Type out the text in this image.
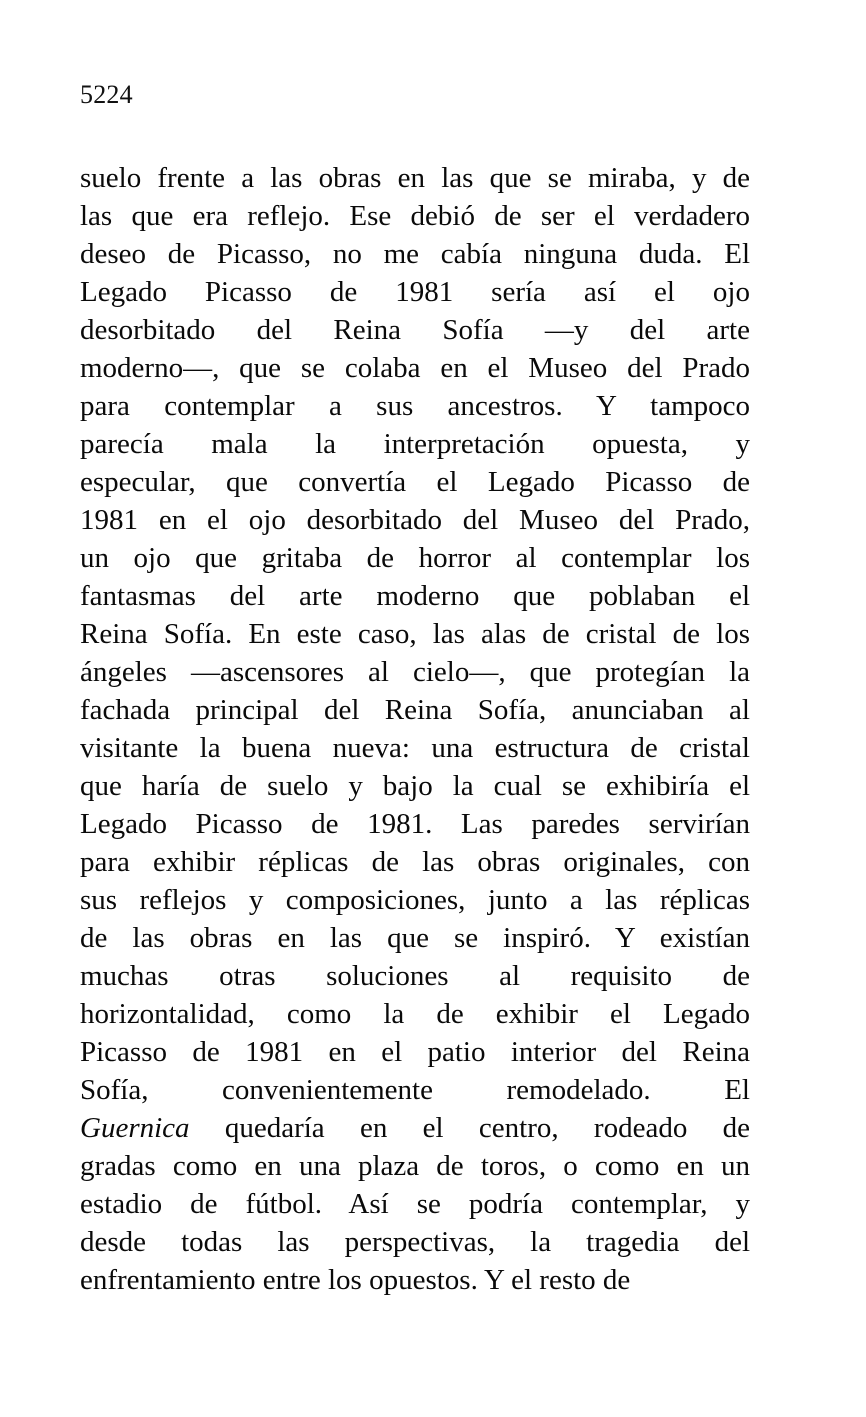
5224
suelo frente a las obras en las que se miraba, y de
las que era reflejo. Ese debió de ser el verdadero
deseo de Picasso, no me cabía ninguna duda. El
Legado Picasso de 1981 sería así el ojo
desorbitado del Reina Sofía —y del arte
moderno—, que se colaba en el Museo del Prado
para contemplar a sus ancestros. Y tampoco
parecía mala la interpretación opuesta, y
especular, que convertía el Legado Picasso de
1981 en el ojo desorbitado del Museo del Prado,
un ojo que gritaba de horror al contemplar los
fantasmas del arte moderno que poblaban el
Reina Sofía. En este caso, las alas de cristal de los
ángeles —ascensores al cielo—, que protegían la
fachada principal del Reina Sofía, anunciaban al
visitante la buena nueva: una estructura de cristal
que haría de suelo y bajo la cual se exhibiría el
Legado Picasso de 1981. Las paredes servirían
para exhibir réplicas de las obras originales, con
sus reflejos y composiciones, junto a las réplicas
de las obras en las que se inspiró. Y existían
muchas otras soluciones al requisito de
horizontalidad, como la de exhibir el Legado
Picasso de 1981 en el patio interior del Reina
Sofía, convenientemente remodelado. El
Guernica quedaría en el centro, rodeado de
gradas como en una plaza de toros, o como en un
estadio de fútbol. Así se podría contemplar, y
desde todas las perspectivas, la tragedia del
enfrentamiento entre los opuestos. Y el resto de
